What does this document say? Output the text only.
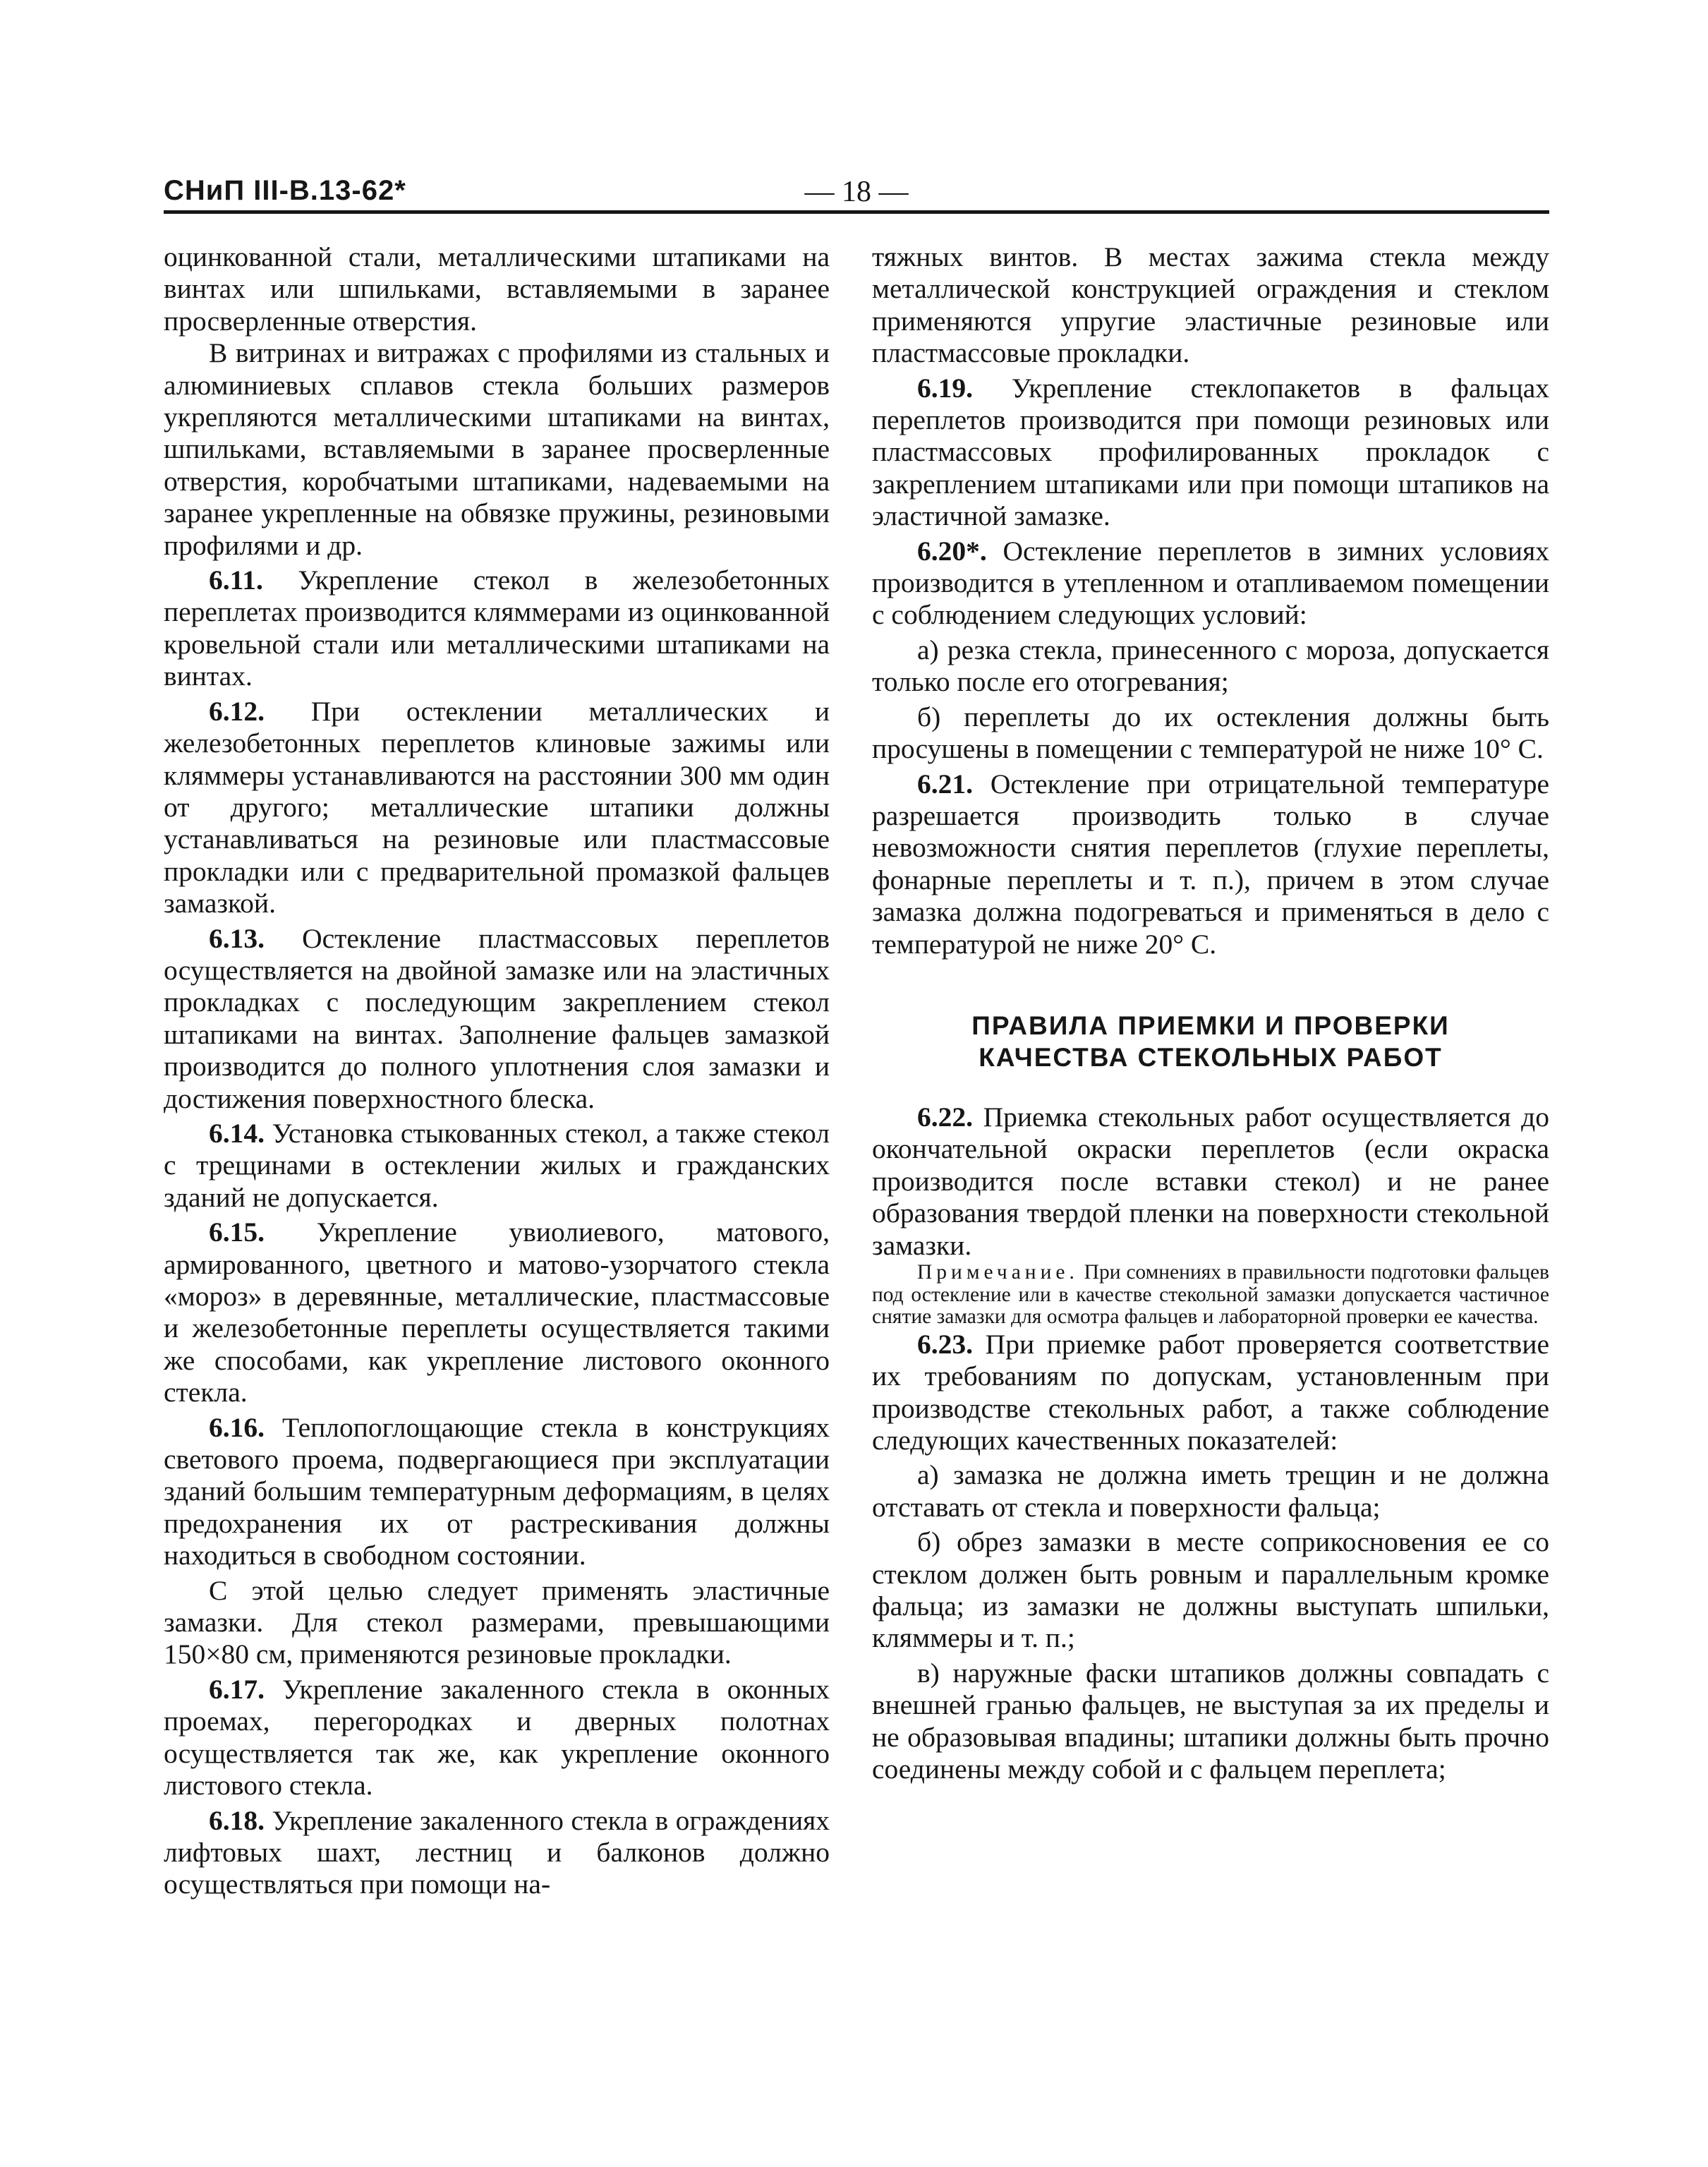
— 18 —
СНиП III-В.13-62*

оцинкованной стали, металлическими штапиками на винтах или шпильками, вставляемыми в заранее просверленные отверстия.

В витринах и витражах с профилями из стальных и алюминиевых сплавов стекла больших размеров укрепляются металлическими штапиками на винтах, шпильками, вставляемыми в заранее просверленные отверстия, коробчатыми штапиками, надеваемыми на заранее укрепленные на обвязке пружины, резиновыми профилями и др.

6.11. Укрепление стекол в железобетонных переплетах производится кляммерами из оцинкованной кровельной стали или металлическими штапиками на винтах.

6.12. При остеклении металлических и железобетонных переплетов клиновые зажимы или кляммеры устанавливаются на расстоянии 300 мм один от другого; металлические штапики должны устанавливаться на резиновые или пластмассовые прокладки или с предварительной промазкой фальцев замазкой.

6.13. Остекление пластмассовых переплетов осуществляется на двойной замазке или на эластичных прокладках с последующим закреплением стекол штапиками на винтах. Заполнение фальцев замазкой производится до полного уплотнения слоя замазки и достижения поверхностного блеска.

6.14. Установка стыкованных стекол, а также стекол с трещинами в остеклении жилых и гражданских зданий не допускается.

6.15. Укрепление увиолиевого, матового, армированного, цветного и матово-узорчатого стекла «мороз» в деревянные, металлические, пластмассовые и железобетонные переплеты осуществляется такими же способами, как укрепление листового оконного стекла.

6.16. Теплопоглощающие стекла в конструкциях светового проема, подвергающиеся при эксплуатации зданий большим температурным деформациям, в целях предохранения их от растрескивания должны находиться в свободном состоянии.

С этой целью следует применять эластичные замазки. Для стекол размерами, превышающими 150×80 см, применяются резиновые прокладки.

6.17. Укрепление закаленного стекла в оконных проемах, перегородках и дверных полотнах осуществляется так же, как укрепление оконного листового стекла.

6.18. Укрепление закаленного стекла в ограждениях лифтовых шахт, лестниц и балконов должно осуществляться при помощи на-

тяжных винтов. В местах зажима стекла между металлической конструкцией ограждения и стеклом применяются упругие эластичные резиновые или пластмассовые прокладки.

6.19. Укрепление стеклопакетов в фальцах переплетов производится при помощи резиновых или пластмассовых профилированных прокладок с закреплением штапиками или при помощи штапиков на эластичной замазке.

6.20*. Остекление переплетов в зимних условиях производится в утепленном и отапливаемом помещении с соблюдением следующих условий:

а) резка стекла, принесенного с мороза, допускается только после его отогревания;

б) переплеты до их остекления должны быть просушены в помещении с температурой не ниже 10° С.

6.21. Остекление при отрицательной температуре разрешается производить только в случае невозможности снятия переплетов (глухие переплеты, фонарные переплеты и т. п.), причем в этом случае замазка должна подогреваться и применяться в дело с температурой не ниже 20° С.

ПРАВИЛА ПРИЕМКИ И ПРОВЕРКИ
КАЧЕСТВА СТЕКОЛЬНЫХ РАБОТ

6.22. Приемка стекольных работ осуществляется до окончательной окраски переплетов (если окраска производится после вставки стекол) и не ранее образования твердой пленки на поверхности стекольной замазки.

Примечание. При сомнениях в правильности подготовки фальцев под остекление или в качестве стекольной замазки допускается частичное снятие замазки для осмотра фальцев и лабораторной проверки ее качества.

6.23. При приемке работ проверяется соответствие их требованиям по допускам, установленным при производстве стекольных работ, а также соблюдение следующих качественных показателей:

а) замазка не должна иметь трещин и не должна отставать от стекла и поверхности фальца;

б) обрез замазки в месте соприкосновения ее со стеклом должен быть ровным и параллельным кромке фальца; из замазки не должны выступать шпильки, кляммеры и т. п.;

в) наружные фаски штапиков должны совпадать с внешней гранью фальцев, не выступая за их пределы и не образовывая впадины; штапики должны быть прочно соединены между собой и с фальцем переплета;
